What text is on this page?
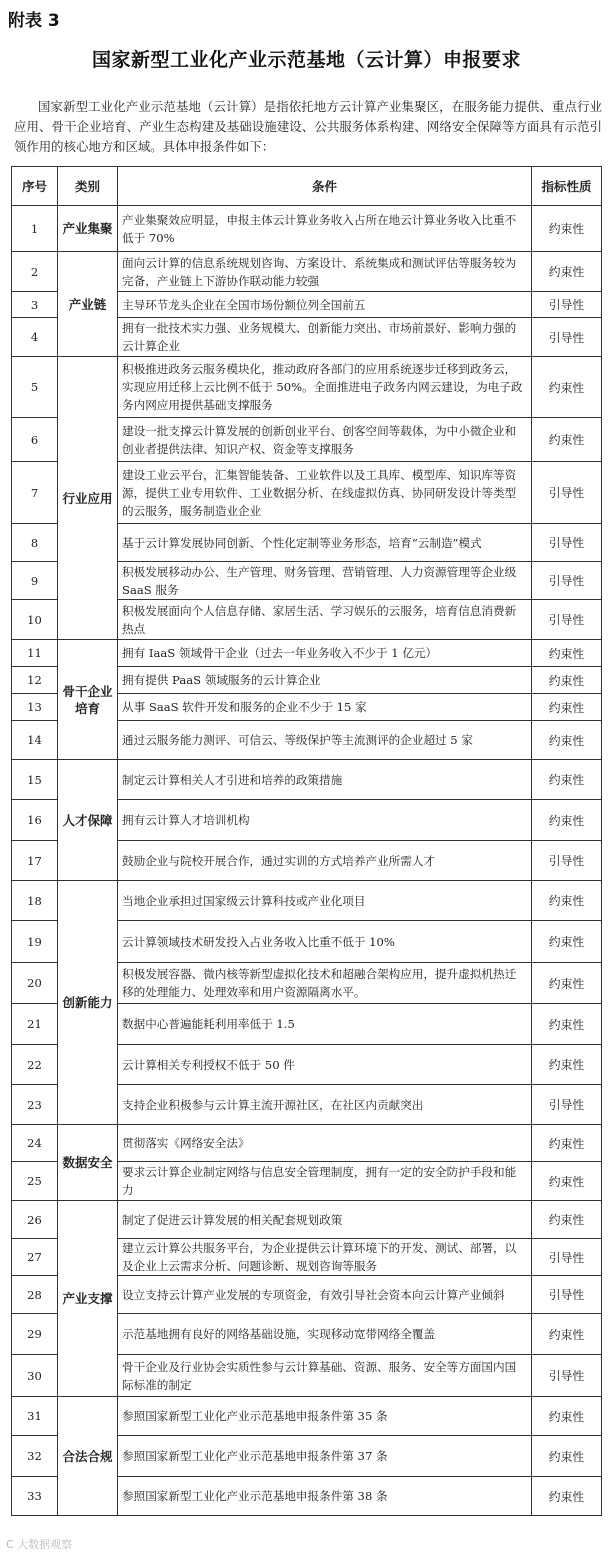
附表 3
国家新型工业化产业示范基地（云计算）申报要求
国家新型工业化产业示范基地（云计算）是指依托地方云计算产业集聚区，在服务能力提供、重点行业应用、骨干企业培育、产业生态构建及基础设施建设、公共服务体系构建、网络安全保障等方面具有示范引领作用的核心地方和区域。具体申报条件如下：
序号	类别	条件	指标性质
1	产业集聚	产业集聚效应明显，申报主体云计算业务收入占所在地云计算业务收入比重不低于 70%	约束性
2	产业链	面向云计算的信息系统规划咨询、方案设计、系统集成和测试评估等服务较为完备，产业链上下游协作联动能力较强	约束性
3		主导环节龙头企业在全国市场份额位列全国前五	引导性
4		拥有一批技术实力强、业务规模大、创新能力突出、市场前景好、影响力强的云计算企业	引导性
5	行业应用	积极推进政务云服务模块化，推动政府各部门的应用系统逐步迁移到政务云，实现应用迁移上云比例不低于 50%。全面推进电子政务内网云建设，为电子政务内网应用提供基础支撑服务	约束性
6		建设一批支撑云计算发展的创新创业平台、创客空间等载体，为中小微企业和创业者提供法律、知识产权、资金等支撑服务	约束性
7		建设工业云平台，汇集智能装备、工业软件以及工具库、模型库、知识库等资源，提供工业专用软件、工业数据分析、在线虚拟仿真、协同研发设计等类型的云服务，服务制造业企业	引导性
8		基于云计算发展协同创新、个性化定制等业务形态，培育“云制造”模式	引导性
9		积极发展移动办公、生产管理、财务管理、营销管理、人力资源管理等企业级 SaaS 服务	引导性
10		积极发展面向个人信息存储、家居生活、学习娱乐的云服务，培育信息消费新热点	引导性
11	骨干企业培育	拥有 IaaS 领域骨干企业（过去一年业务收入不少于 1 亿元）	约束性
12		拥有提供 PaaS 领域服务的云计算企业	约束性
13		从事 SaaS 软件开发和服务的企业不少于 15 家	约束性
14		通过云服务能力测评、可信云、等级保护等主流测评的企业超过 5 家	约束性
15	人才保障	制定云计算相关人才引进和培养的政策措施	约束性
16		拥有云计算人才培训机构	约束性
17		鼓励企业与院校开展合作，通过实训的方式培养产业所需人才	引导性
18	创新能力	当地企业承担过国家级云计算科技或产业化项目	约束性
19		云计算领域技术研发投入占业务收入比重不低于 10%	约束性
20		积极发展容器、微内核等新型虚拟化技术和超融合架构应用，提升虚拟机热迁移的处理能力、处理效率和用户资源隔离水平。	约束性
21		数据中心普遍能耗利用率低于 1.5	约束性
22		云计算相关专利授权不低于 50 件	约束性
23		支持企业积极参与云计算主流开源社区，在社区内贡献突出	引导性
24	数据安全	贯彻落实《网络安全法》	约束性
25		要求云计算企业制定网络与信息安全管理制度，拥有一定的安全防护手段和能力	约束性
26	产业支撑	制定了促进云计算发展的相关配套规划政策	约束性
27		建立云计算公共服务平台，为企业提供云计算环境下的开发、测试、部署，以及企业上云需求分析、问题诊断、规划咨询等服务	引导性
28		设立支持云计算产业发展的专项资金，有效引导社会资本向云计算产业倾斜	引导性
29		示范基地拥有良好的网络基础设施，实现移动宽带网络全覆盖	约束性
30		骨干企业及行业协会实质性参与云计算基础、资源、服务、安全等方面国内国际标准的制定	引导性
31	合法合规	参照国家新型工业化产业示范基地申报条件第 35 条	约束性
32		参照国家新型工业化产业示范基地申报条件第 37 条	约束性
33		参照国家新型工业化产业示范基地申报条件第 38 条	约束性
C 大数据观察
